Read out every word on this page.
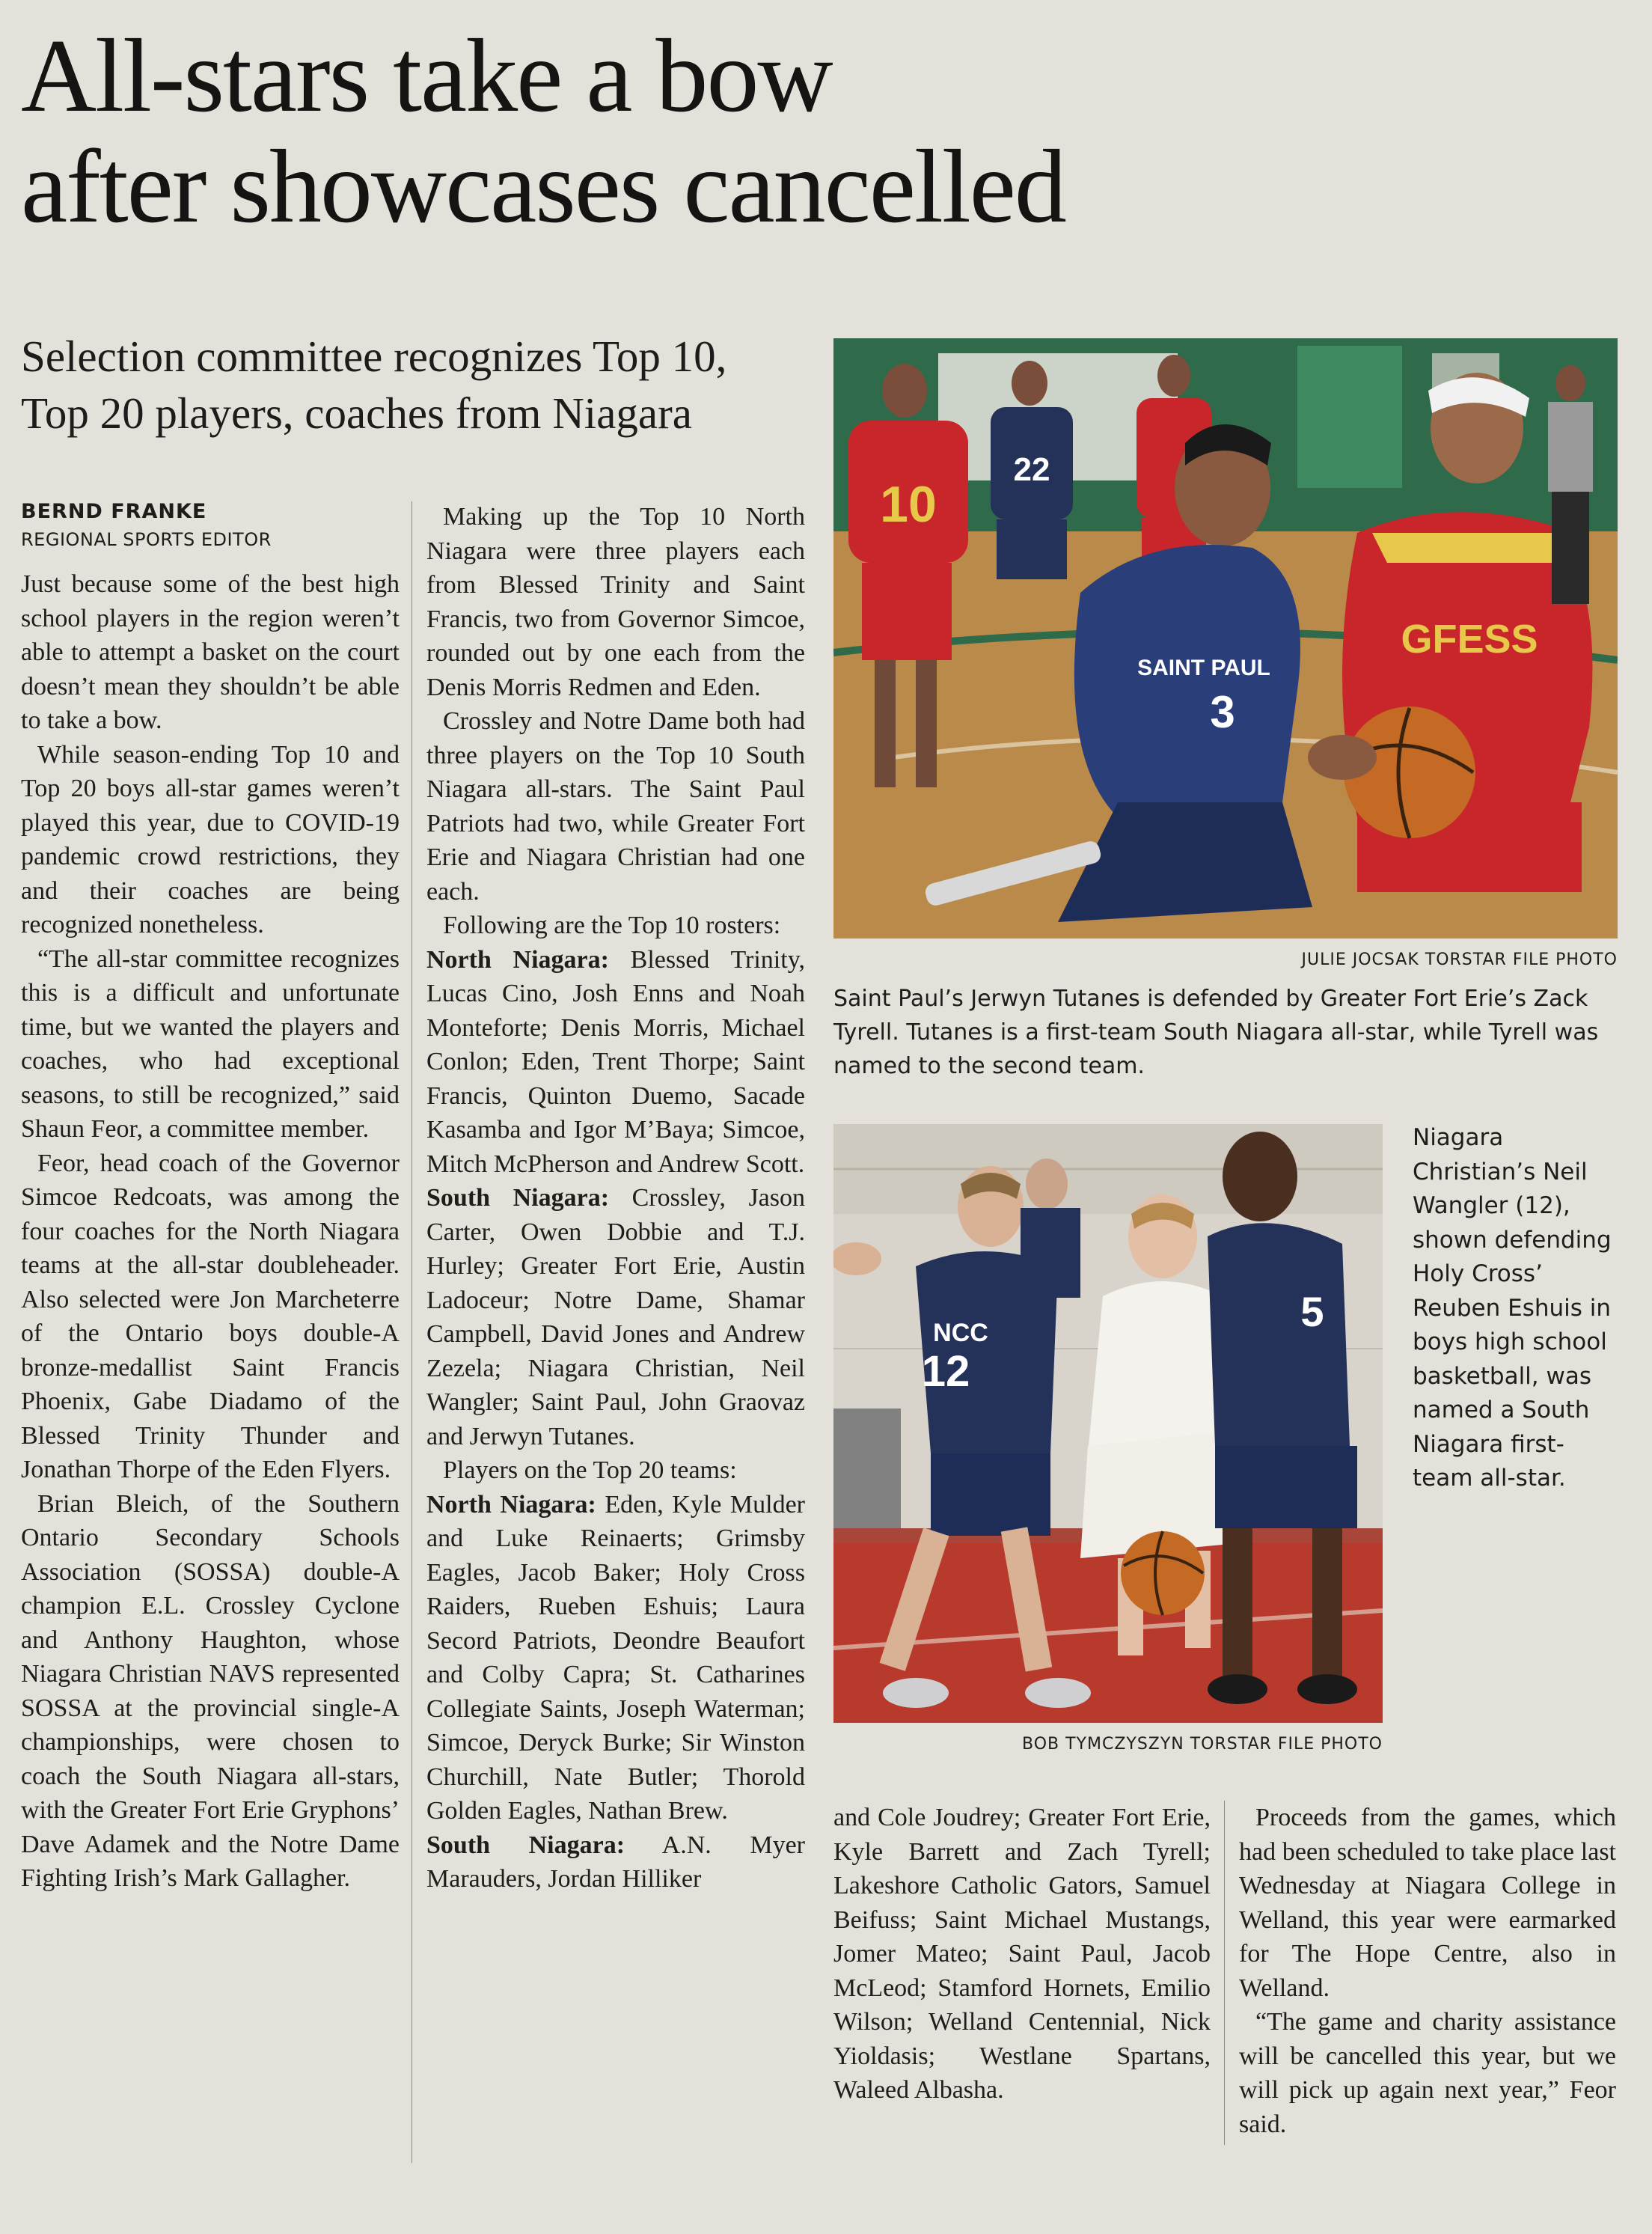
All-stars take a bow
after showcases cancelled
Selection committee recognizes Top 10,
Top 20 players, coaches from Niagara
BERND FRANKE
REGIONAL SPORTS EDITOR

Just because some of the best high school players in the region weren’t able to attempt a basket on the court doesn’t mean they shouldn’t be able to take a bow.

While season-ending Top 10 and Top 20 boys all-star games weren’t played this year, due to COVID-19 pandemic crowd restrictions, they and their coaches are being recognized nonetheless.

“The all-star committee recognizes this is a difficult and unfortunate time, but we wanted the players and coaches, who had exceptional seasons, to still be recognized,” said Shaun Feor, a committee member.

Feor, head coach of the Governor Simcoe Redcoats, was among the four coaches for the North Niagara teams at the all-star doubleheader. Also selected were Jon Marcheterre of the Ontario boys double-A bronze-medallist Saint Francis Phoenix, Gabe Diadamo of the Blessed Trinity Thunder and Jonathan Thorpe of the Eden Flyers.

Brian Bleich, of the Southern Ontario Secondary Schools Association (SOSSA) double-A champion E.L. Crossley Cyclone and Anthony Haughton, whose Niagara Christian NAVS represented SOSSA at the provincial single-A championships, were chosen to coach the South Niagara all-stars, with the Greater Fort Erie Gryphons’ Dave Adamek and the Notre Dame Fighting Irish’s Mark Gallagher.

Making up the Top 10 North Niagara were three players each from Blessed Trinity and Saint Francis, two from Governor Simcoe, rounded out by one each from the Denis Morris Redmen and Eden.

Crossley and Notre Dame both had three players on the Top 10 South Niagara all-stars. The Saint Paul Patriots had two, while Greater Fort Erie and Niagara Christian had one each.

Following are the Top 10 rosters:

North Niagara: Blessed Trinity, Lucas Cino, Josh Enns and Noah Monteforte; Denis Morris, Michael Conlon; Eden, Trent Thorpe; Saint Francis, Quinton Duemo, Sacade Kasamba and Igor M’Baya; Simcoe, Mitch McPherson and Andrew Scott.

South Niagara: Crossley, Jason Carter, Owen Dobbie and T.J. Hurley; Greater Fort Erie, Austin Ladoceur; Notre Dame, Shamar Campbell, David Jones and Andrew Zezela; Niagara Christian, Neil Wangler; Saint Paul, John Graovaz and Jerwyn Tutanes.

Players on the Top 20 teams:

North Niagara: Eden, Kyle Mulder and Luke Reinaerts; Grimsby Eagles, Jacob Baker; Holy Cross Raiders, Rueben Eshuis; Laura Secord Patriots, Deondre Beaufort and Colby Capra; St. Catharines Collegiate Saints, Joseph Waterman; Simcoe, Deryck Burke; Sir Winston Churchill, Nate Butler; Thorold Golden Eagles, Nathan Brew.

South Niagara: A.N. Myer Marauders, Jordan Hilliker

10
22
SAINT PAUL
3
GFESS
JULIE JOCSAK TORSTAR FILE PHOTO
Saint Paul’s Jerwyn Tutanes is defended by Greater Fort Erie’s Zack Tyrell. Tutanes is a first-team South Niagara all-star, while Tyrell was named to the second team.
NCC
12
5
BOB TYMCZYSZYN TORSTAR FILE PHOTO
Niagara Christian’s Neil Wangler (12), shown defending Holy Cross’ Reuben Eshuis in boys high school basketball, was named a South Niagara first-team all-star.

and Cole Joudrey; Greater Fort Erie, Kyle Barrett and Zach Tyrell; Lakeshore Catholic Gators, Samuel Beifuss; Saint Michael Mustangs, Jomer Mateo; Saint Paul, Jacob McLeod; Stamford Hornets, Emilio Wilson; Welland Centennial, Nick Yioldasis; Westlane Spartans, Waleed Albasha.

Proceeds from the games, which had been scheduled to take place last Wednesday at Niagara College in Welland, this year were earmarked for The Hope Centre, also in Welland.

“The game and charity assistance will be cancelled this year, but we will pick up again next year,” Feor said.
